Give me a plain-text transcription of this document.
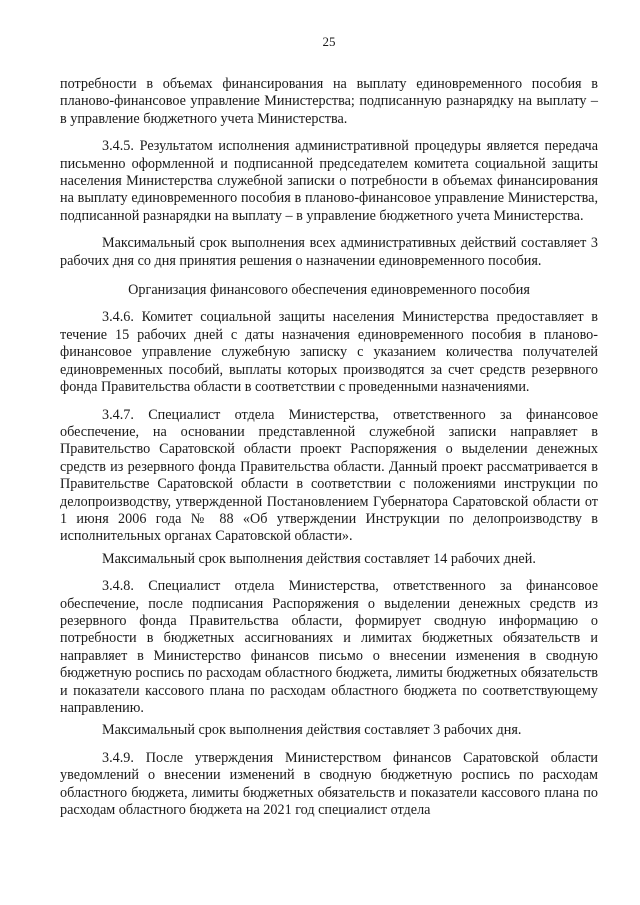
25

потребности в объемах финансирования на выплату единовременного пособия в планово-финансовое управление Министерства; подписанную разнарядку на выплату – в управление бюджетного учета Министерства.

3.4.5. Результатом исполнения административной процедуры является передача письменно оформленной и подписанной председателем комитета социальной защиты населения Министерства служебной записки о потребности в объемах финансирования на выплату единовременного пособия в планово-финансовое управление Министерства, подписанной разнарядки на выплату – в управление бюджетного учета Министерства.

Максимальный срок выполнения всех административных действий составляет 3 рабочих дня со дня принятия решения о назначении единовременного пособия.

Организация финансового обеспечения единовременного пособия

3.4.6. Комитет социальной защиты населения Министерства предоставляет в течение 15 рабочих дней с даты назначения единовременного пособия в планово-финансовое управление служебную записку с указанием количества получателей единовременных пособий, выплаты которых производятся за счет средств резервного фонда Правительства области в соответствии с проведенными назначениями.

3.4.7. Специалист отдела Министерства, ответственного за финансовое обеспечение, на основании представленной служебной записки направляет в Правительство Саратовской области проект Распоряжения о выделении денежных средств из резервного фонда Правительства области. Данный проект рассматривается в Правительстве Саратовской области в соответствии с положениями инструкции по делопроизводству, утвержденной Постановлением Губернатора Саратовской области от 1 июня 2006 года № 88 «Об утверждении Инструкции по делопроизводству в исполнительных органах Саратовской области».

Максимальный срок выполнения действия составляет 14 рабочих дней.

3.4.8. Специалист отдела Министерства, ответственного за финансовое обеспечение, после подписания Распоряжения о выделении денежных средств из резервного фонда Правительства области, формирует сводную информацию о потребности в бюджетных ассигнованиях и лимитах бюджетных обязательств и направляет в Министерство финансов письмо о внесении изменения в сводную бюджетную роспись по расходам областного бюджета, лимиты бюджетных обязательств и показатели кассового плана по расходам областного бюджета по соответствующему направлению.

Максимальный срок выполнения действия составляет 3 рабочих дня.

3.4.9. После утверждения Министерством финансов Саратовской области уведомлений о внесении изменений в сводную бюджетную роспись по расходам областного бюджета, лимиты бюджетных обязательств и показатели кассового плана по расходам областного бюджета на 2021 год специалист отдела
